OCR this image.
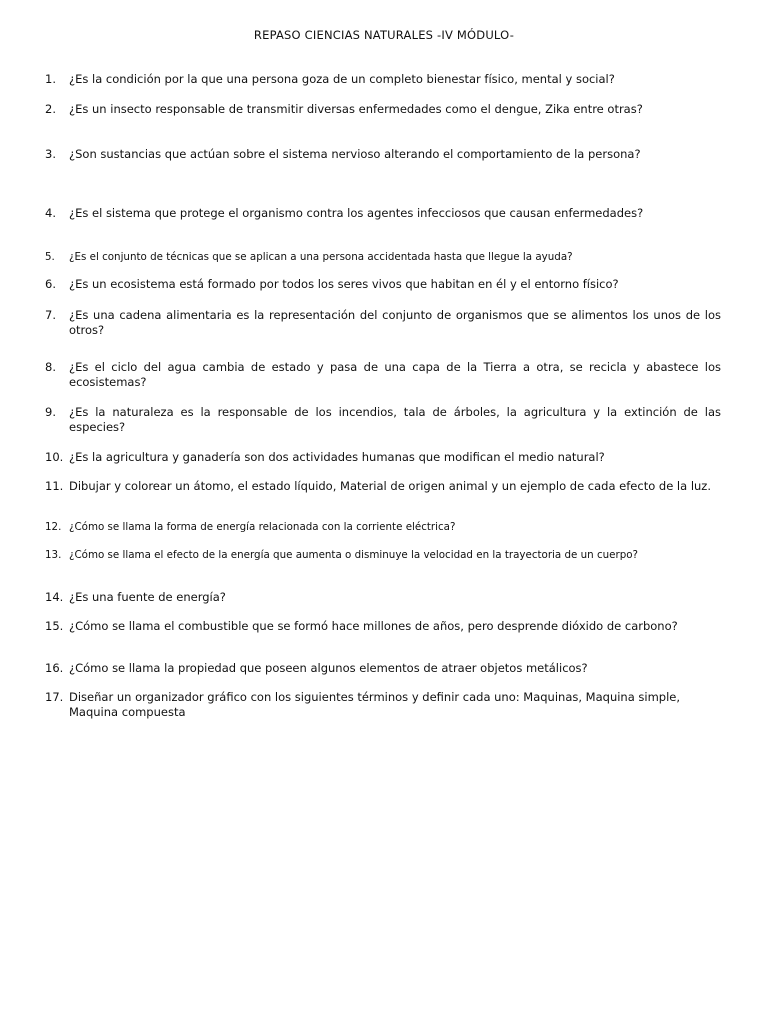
REPASO CIENCIAS NATURALES -IV MÓDULO-
1.	¿Es la condición por la que una persona goza de un completo bienestar físico, mental y social?
2.	¿Es un insecto responsable de transmitir diversas enfermedades como el dengue, Zika entre otras?
3.	¿Son sustancias que actúan sobre el sistema nervioso alterando el comportamiento de la persona?
4.	¿Es el sistema que protege el organismo contra los agentes infecciosos que causan enfermedades?
5.	¿Es el conjunto de técnicas que se aplican a una persona accidentada hasta que llegue la ayuda?
6.	¿Es un ecosistema está formado por todos los seres vivos que habitan en él y el entorno físico?
7.	¿Es una cadena alimentaria es la representación del conjunto de organismos que se alimentos los unos de los otros?
8.	¿Es el ciclo del agua cambia de estado y pasa de una capa de la Tierra a otra, se recicla y abastece los ecosistemas?
9.	¿Es la naturaleza es la responsable de los incendios, tala de árboles, la agricultura y la extinción de las especies?
10. ¿Es la agricultura y ganadería son dos actividades humanas que modifican el medio natural?
11. Dibujar y colorear un átomo, el estado líquido, Material de origen animal y un ejemplo de cada efecto de la luz.
12. ¿Cómo se llama la forma de energía relacionada con la corriente eléctrica?
13. ¿Cómo se llama el efecto de la energía que aumenta o disminuye la velocidad en la trayectoria de un cuerpo?
14. ¿Es una fuente de energía?
15. ¿Cómo se llama el combustible que se formó hace millones de años, pero desprende dióxido de carbono?
16. ¿Cómo se llama la propiedad que poseen algunos elementos de atraer objetos metálicos?
17. Diseñar un organizador gráfico con los siguientes términos y definir cada uno: Maquinas, Maquina simple, Maquina compuesta
